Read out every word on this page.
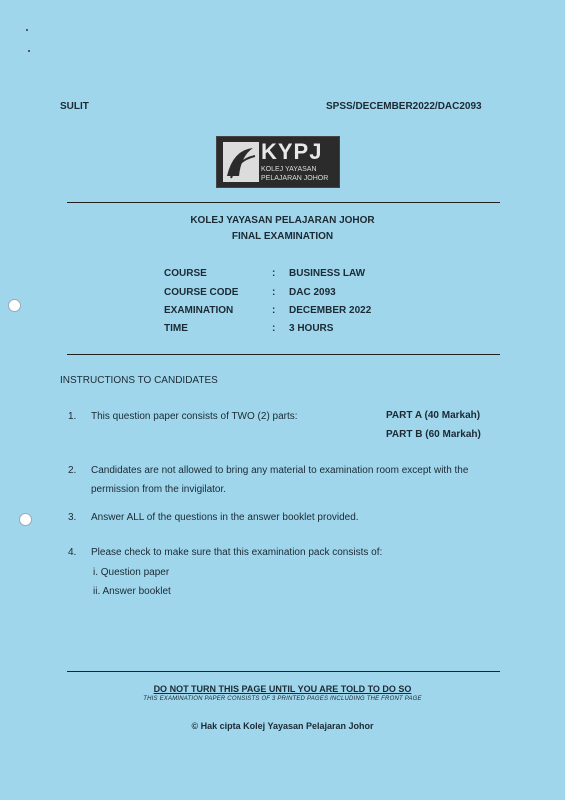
SULIT	SPSS/DECEMBER2022/DAC2093
KYPJ
KOLEJ YAYASAN
PELAJARAN JOHOR
KOLEJ YAYASAN PELAJARAN JOHOR
FINAL EXAMINATION
COURSE	: BUSINESS LAW
COURSE CODE	: DAC 2093
EXAMINATION	: DECEMBER 2022
TIME	: 3 HOURS
INSTRUCTIONS TO CANDIDATES
1. This question paper consists of TWO (2) parts:	PART A (40 Markah)
PART B (60 Markah)
2. Candidates are not allowed to bring any material to examination room except with the
permission from the invigilator.
3. Answer ALL of the questions in the answer booklet provided.
4. Please check to make sure that this examination pack consists of:
i. Question paper
ii. Answer booklet
DO NOT TURN THIS PAGE UNTIL YOU ARE TOLD TO DO SO
THIS EXAMINATION PAPER CONSISTS OF 3 PRINTED PAGES INCLUDING THE FRONT PAGE
© Hak cipta Kolej Yayasan Pelajaran Johor
